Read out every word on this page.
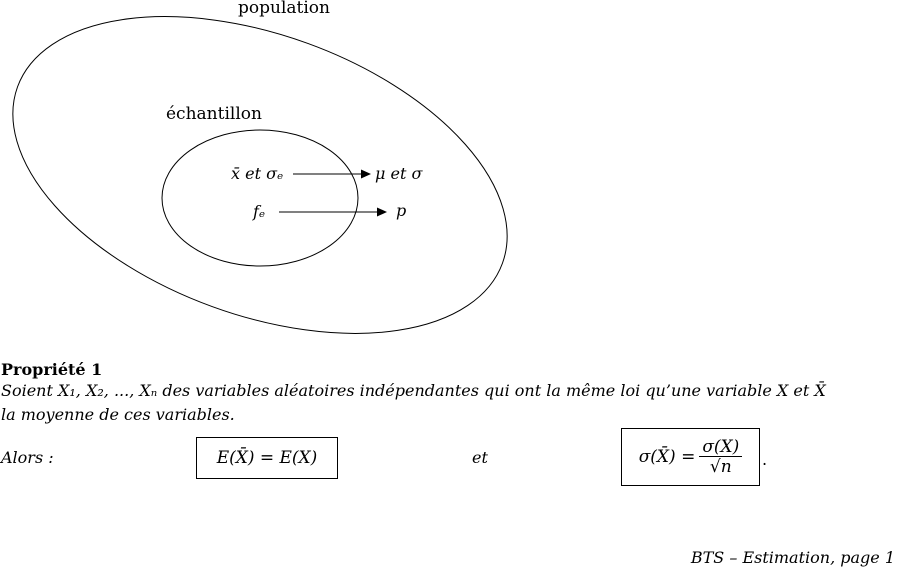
population
échantillon
x̄ et σₑ	μ et σ
fₑ	p
Propriété 1
Soient X₁, X₂, ..., Xₙ des variables aléatoires indépendantes qui ont la même loi qu’une variable X et X̄
la moyenne de ces variables.
Alors :	E(X̄) = E(X)	et	σ(X̄) = $\frac{\sigma(X)}{√n}$ .
BTS – Estimation, page 1
